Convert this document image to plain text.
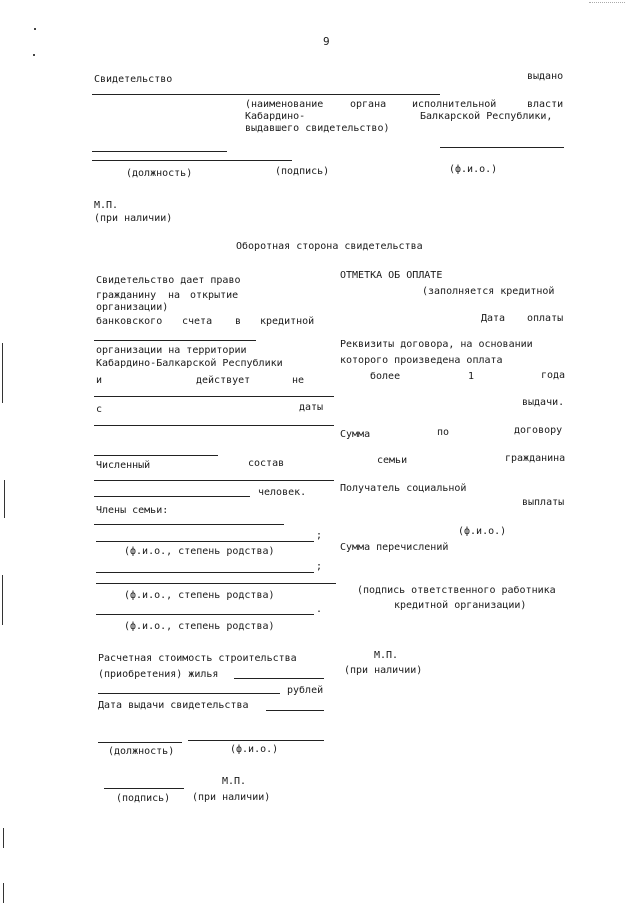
9
Свидетельство	выдано
(наименование	органа	исполнительной	власти
Кабардино-	Балкарской Республики,
выдавшего свидетельство)
(должность)	(подпись)	(ф.и.о.)
М.П.
(при наличии)
Оборотная сторона свидетельства
Свидетельство дает право
гражданину на открытие
организации)
банковского счета в кредитной
организации на территории
Кабардино-Балкарской Республики
и	действует	не
с	даты
Численный	состав
человек.
Члены семьи:
;
(ф.и.о., степень родства)
;
(ф.и.о., степень родства)
.
(ф.и.о., степень родства)
Расчетная стоимость строительства
(приобретения) жилья
рублей
Дата выдачи свидетельства
(должность)	(ф.и.о.)
М.П.
(подпись) (при наличии)
ОТМЕТКА ОБ ОПЛАТЕ
(заполняется кредитной
Дата оплаты
Реквизиты договора, на основании
которого произведена оплата
более	1	года
выдачи.
Сумма	по	договору
семьи	гражданина
Получатель социальной
выплаты
(ф.и.о.)
Сумма перечислений
(подпись ответственного работника
кредитной организации)
М.П.
(при наличии)
